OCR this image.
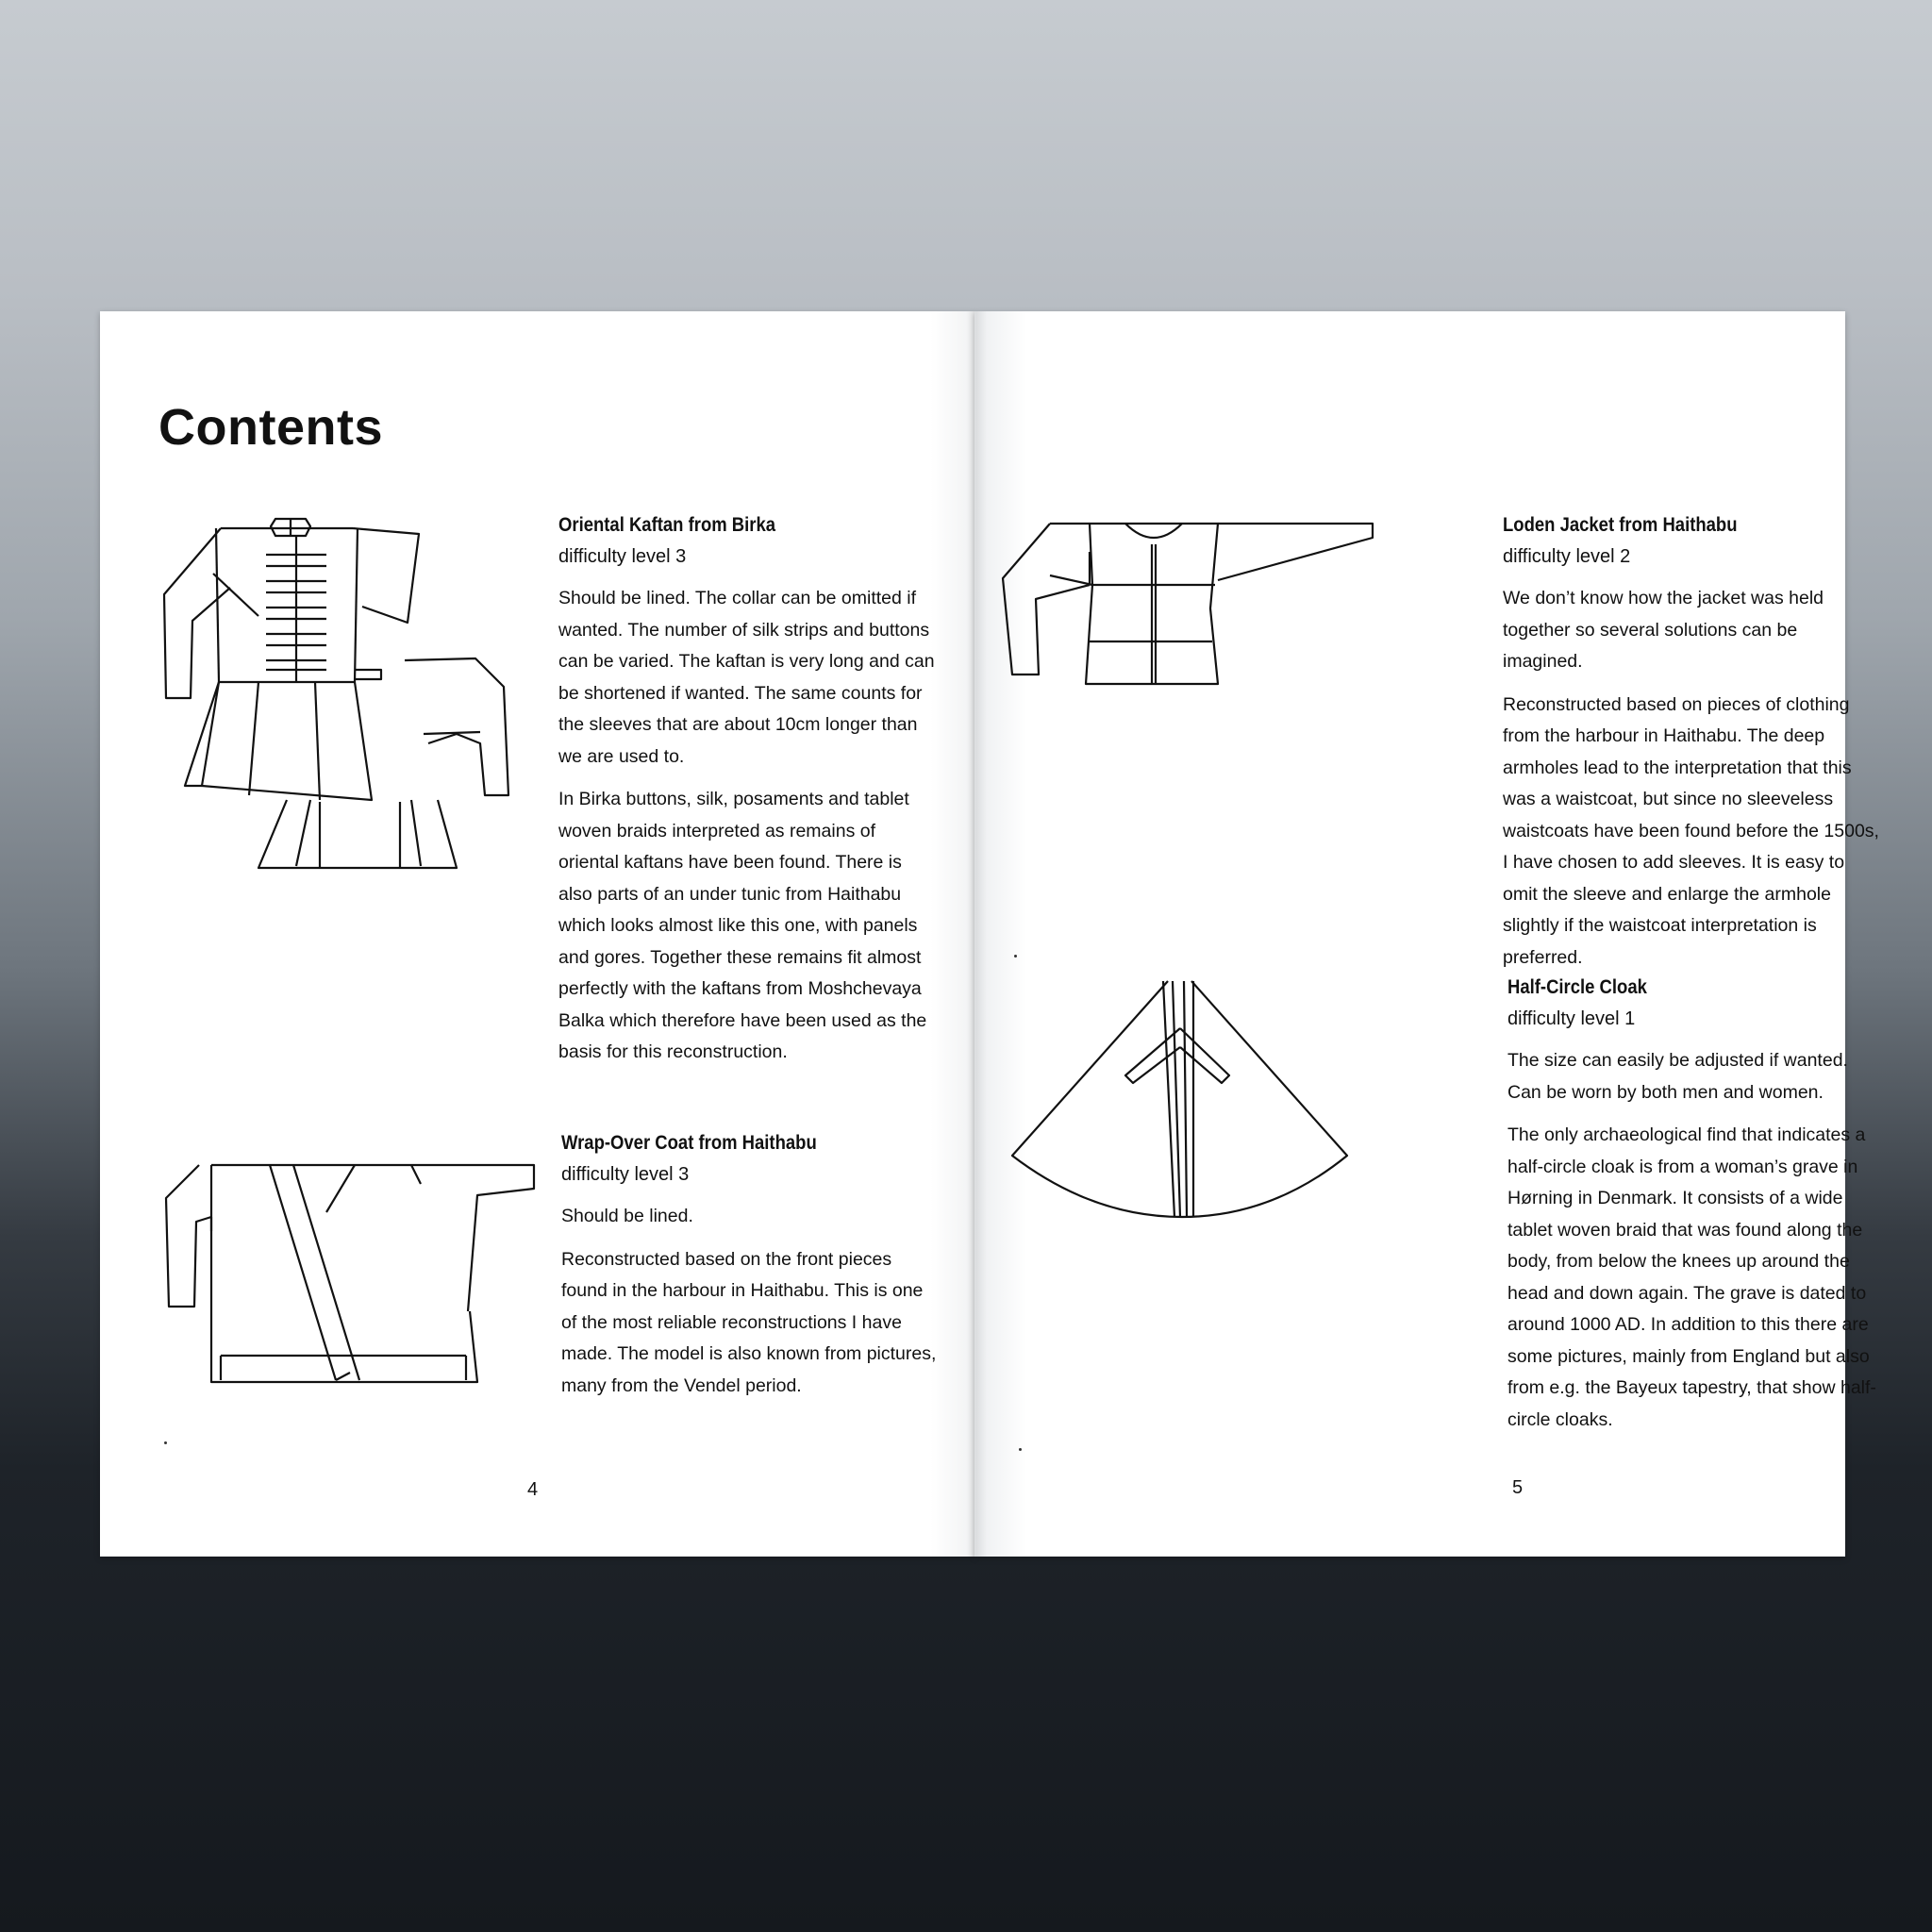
Contents

Oriental Kaftan from Birka

difficulty level 3

Should be lined. The collar can be omitted if wanted. The number of silk strips and buttons can be varied. The kaftan is very long and can be shortened if wanted. The same counts for the sleeves that are about 10cm longer than we are used to.

In Birka buttons, silk, posaments and tablet woven braids interpreted as remains of oriental kaftans have been found. There is also parts of an under tunic from Haithabu which looks almost like this one, with panels and gores. Together these remains fit almost perfectly with the kaftans from Moshchevaya Balka which therefore have been used as the basis for this reconstruction.

Wrap-Over Coat from Haithabu

difficulty level 3

Should be lined.

Reconstructed based on the front pieces found in the harbour in Haithabu. This is one of the most reliable reconstructions I have made. The model is also known from pictures, many from the Vendel period.

4

Loden Jacket from Haithabu

difficulty level 2

We don’t know how the jacket was held together so several solutions can be imagined.

Reconstructed based on pieces of clothing from the harbour in Haithabu. The deep armholes lead to the interpretation that this was a waistcoat, but since no sleeveless waistcoats have been found before the 1500s, I have chosen to add sleeves. It is easy to omit the sleeve and enlarge the armhole slightly if the waistcoat interpretation is preferred.

Half-Circle Cloak

difficulty level 1

The size can easily be adjusted if wanted. Can be worn by both men and women.

The only archaeological find that indicates a half-circle cloak is from a woman’s grave in Hørning in Denmark. It consists of a wide tablet woven braid that was found along the body, from below the knees up around the head and down again. The grave is dated to around 1000 AD. In addition to this there are some pictures, mainly from England but also from e.g. the Bayeux tapestry, that show half-circle cloaks.

5
